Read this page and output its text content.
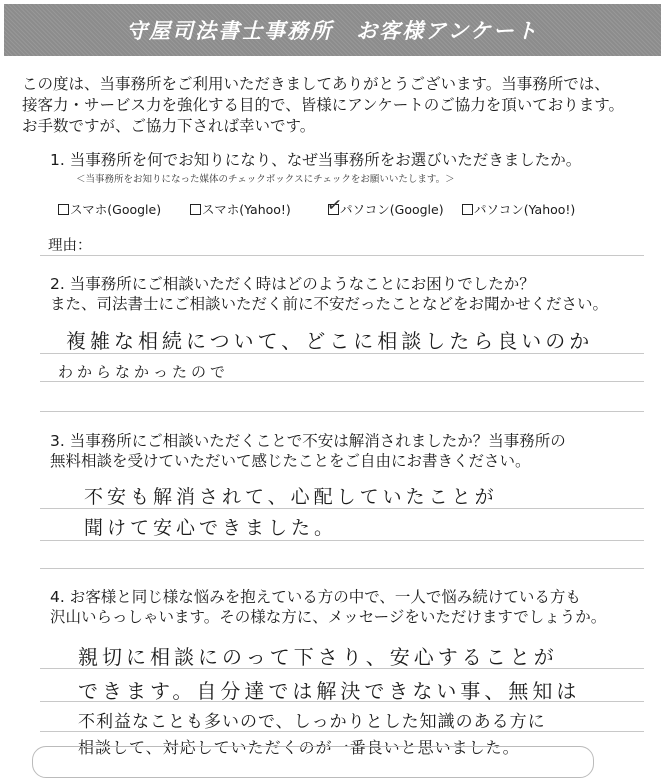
守屋司法書士事務所　お客様アンケート
この度は、当事務所をご利用いただきましてありがとうございます。当事務所では、
接客力・サービス力を強化する目的で、皆様にアンケートのご協力を頂いております。
お手数ですが、ご協力下されば幸いです。
1. 当事務所を何でお知りになり、なぜ当事務所をお選びいただきましたか。
＜当事務所をお知りになった媒体のチェックボックスにチェックをお願いいたします。＞
スマホ(Google)	スマホ(Yahoo!) ✓
パソコン(Google) パソコン(Yahoo!)
理由：
2. 当事務所にご相談いただく時はどのようなことにお困りでしたか？
また、司法書士にご相談いただく前に不安だったことなどをお聞かせください。
複雑な相続について、どこに相談したら良いのか
わからなかったので
3. 当事務所にご相談いただくことで不安は解消されましたか？当事務所の
無料相談を受けていただいて感じたことをご自由にお書きください。
不安も解消されて、心配していたことが
聞けて安心できました。
4. お客様と同じ様な悩みを抱えている方の中で、一人で悩み続けている方も
沢山いらっしゃいます。その様な方に、メッセージをいただけますでしょうか。
親切に相談にのって下さり、安心することが
できます。自分達では解決できない事、無知は
不利益なことも多いので、しっかりとした知識のある方に
相談して、対応していただくのが一番良いと思いました。
